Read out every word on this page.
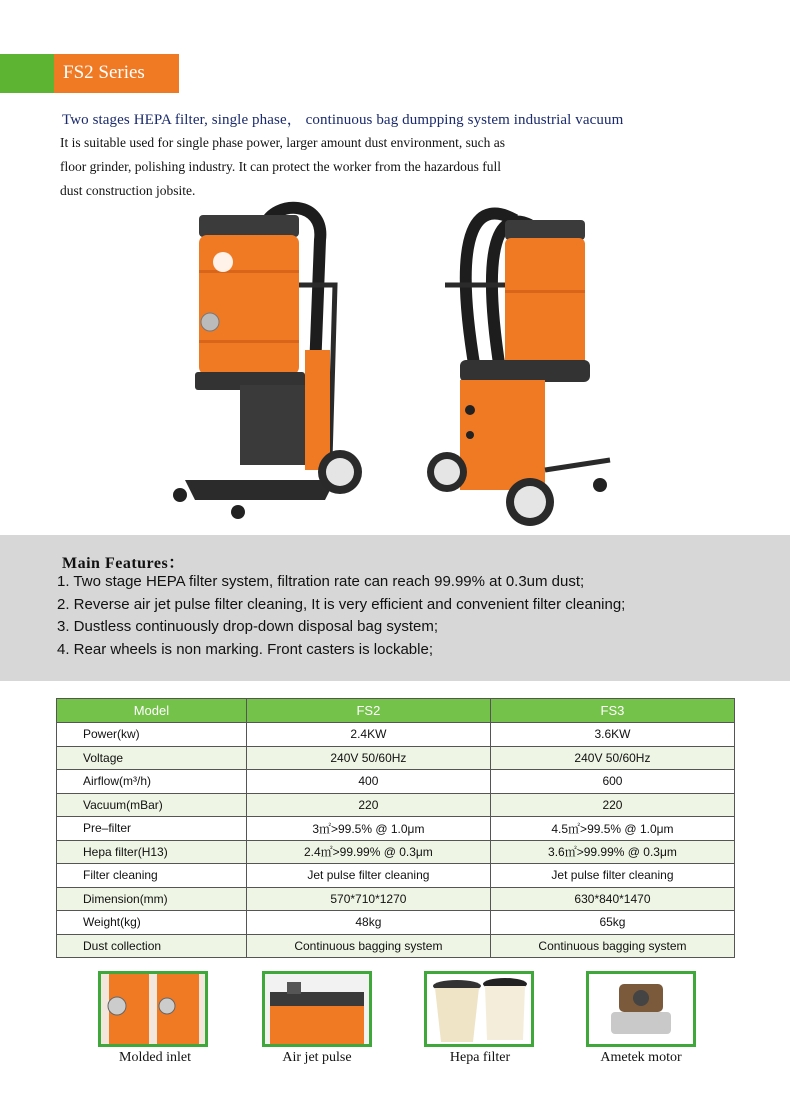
FS2 Series
Two stages HEPA filter, single phase， continuous bag dumpping system industrial vacuum
It is suitable used for single phase power, larger amount dust environment, such as
floor grinder, polishing industry. It can protect the worker from the hazardous full
dust construction jobsite.
Main Features：
1. Two stage HEPA filter system, filtration rate can reach 99.99% at 0.3um dust;
2. Reverse air jet pulse filter cleaning, It is very efficient and convenient filter cleaning;
3. Dustless continuously drop-down disposal bag system;
4. Rear wheels is non marking. Front casters is lockable;
Model	FS2	FS3
Power(kw)	2.4KW	3.6KW
Voltage	240V 50/60Hz	240V 50/60Hz
Airflow(m³/h)	400	600
Vacuum(mBar)	220	220
Pre–filter	3㎡>99.5% @ 1.0μm	4.5㎡>99.5% @ 1.0μm
Hepa filter(H13)	2.4㎡>99.99% @ 0.3μm	3.6㎡>99.99% @ 0.3μm
Filter cleaning	Jet pulse filter cleaning	Jet pulse filter cleaning
Dimension(mm)	570*710*1270	630*840*1470
Weight(kg)	48kg	65kg
Dust collection	Continuous bagging system	Continuous bagging system
Molded inlet	Air jet pulse	Hepa filter	Ametek motor
